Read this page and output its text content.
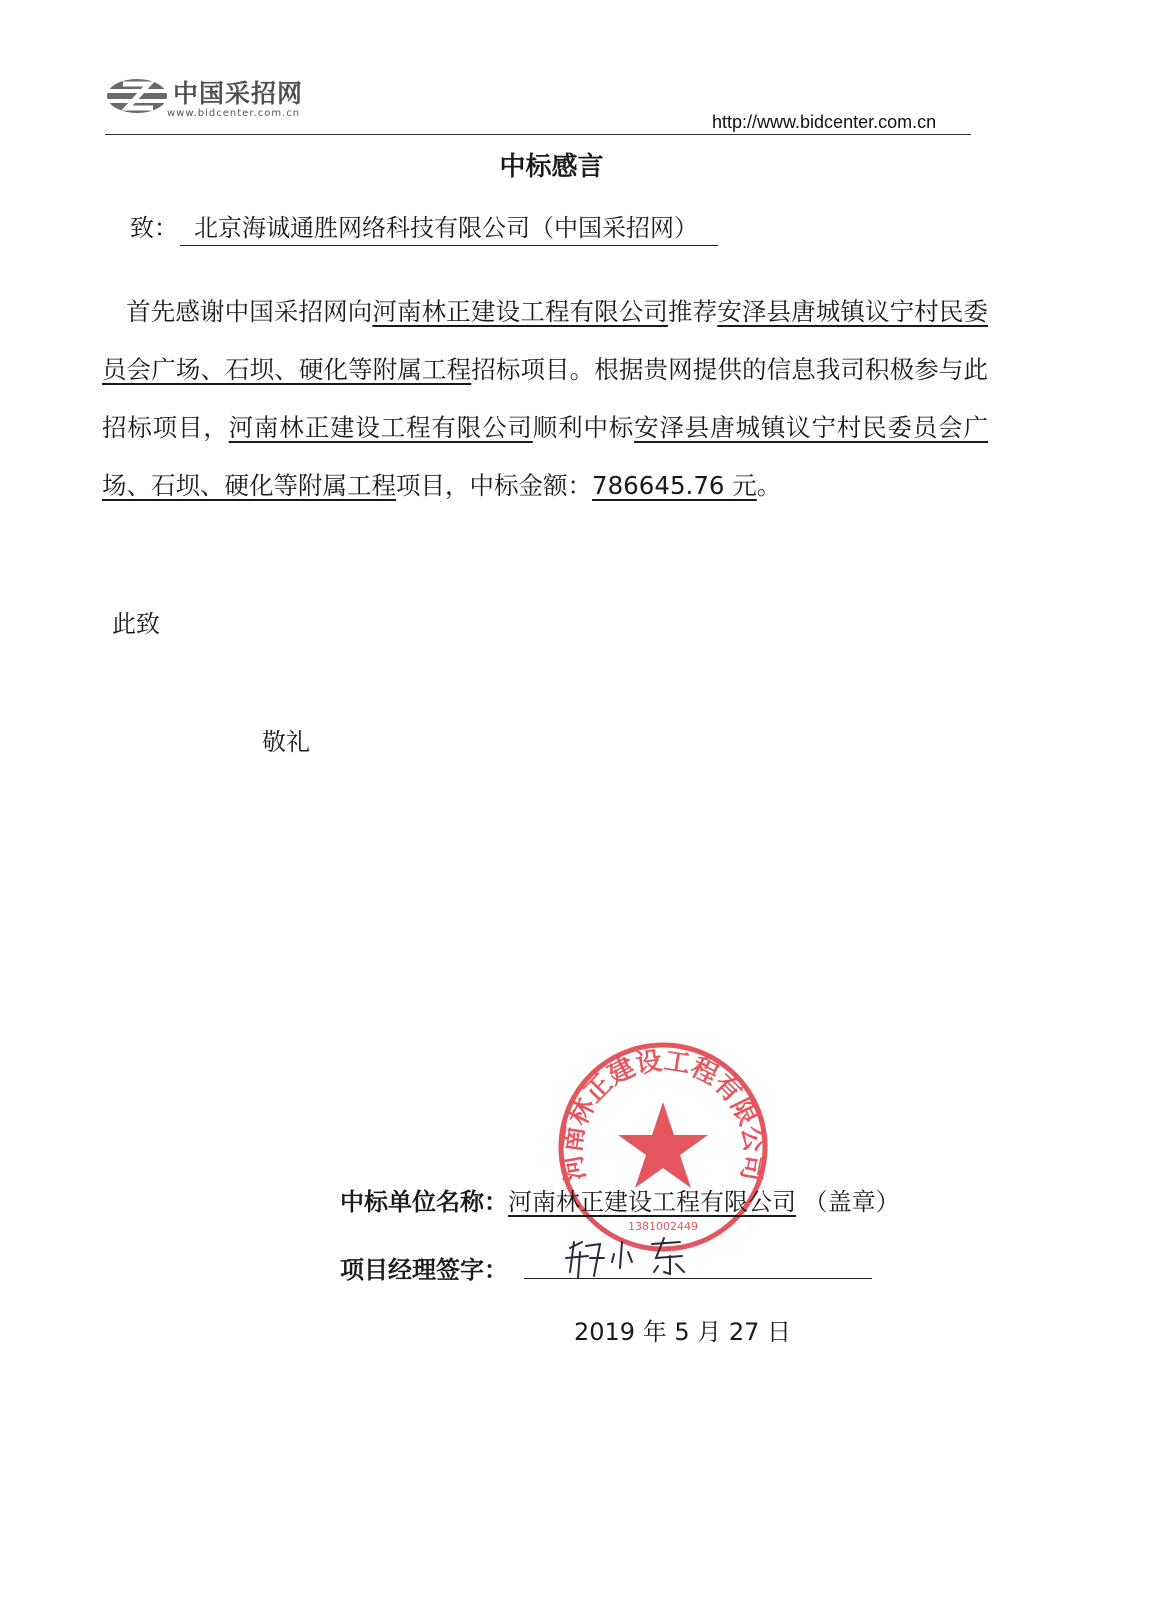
中国采招网
www.bidcenter.com.cn	http://www.bidcenter.com.cn
中标感言
致： 北京海诚通胜网络科技有限公司（中国采招网）
首先感谢中国采招网向河南林正建设工程有限公司推荐安泽县唐城镇议宁村民委员会广场、石坝、硬化等附属工程招标项目。根据贵网提供的信息我司积极参与此招标项目，河南林正建设工程有限公司顺利中标安泽县唐城镇议宁村民委员会广场、石坝、硬化等附属工程项目，中标金额：786645.76 元。
此致
敬礼
河南林正建设工程有限公司
1381002449
中标单位名称：河南林正建设工程有限公司 （盖章）
项目经理签字：
2019 年 5 月 27 日
